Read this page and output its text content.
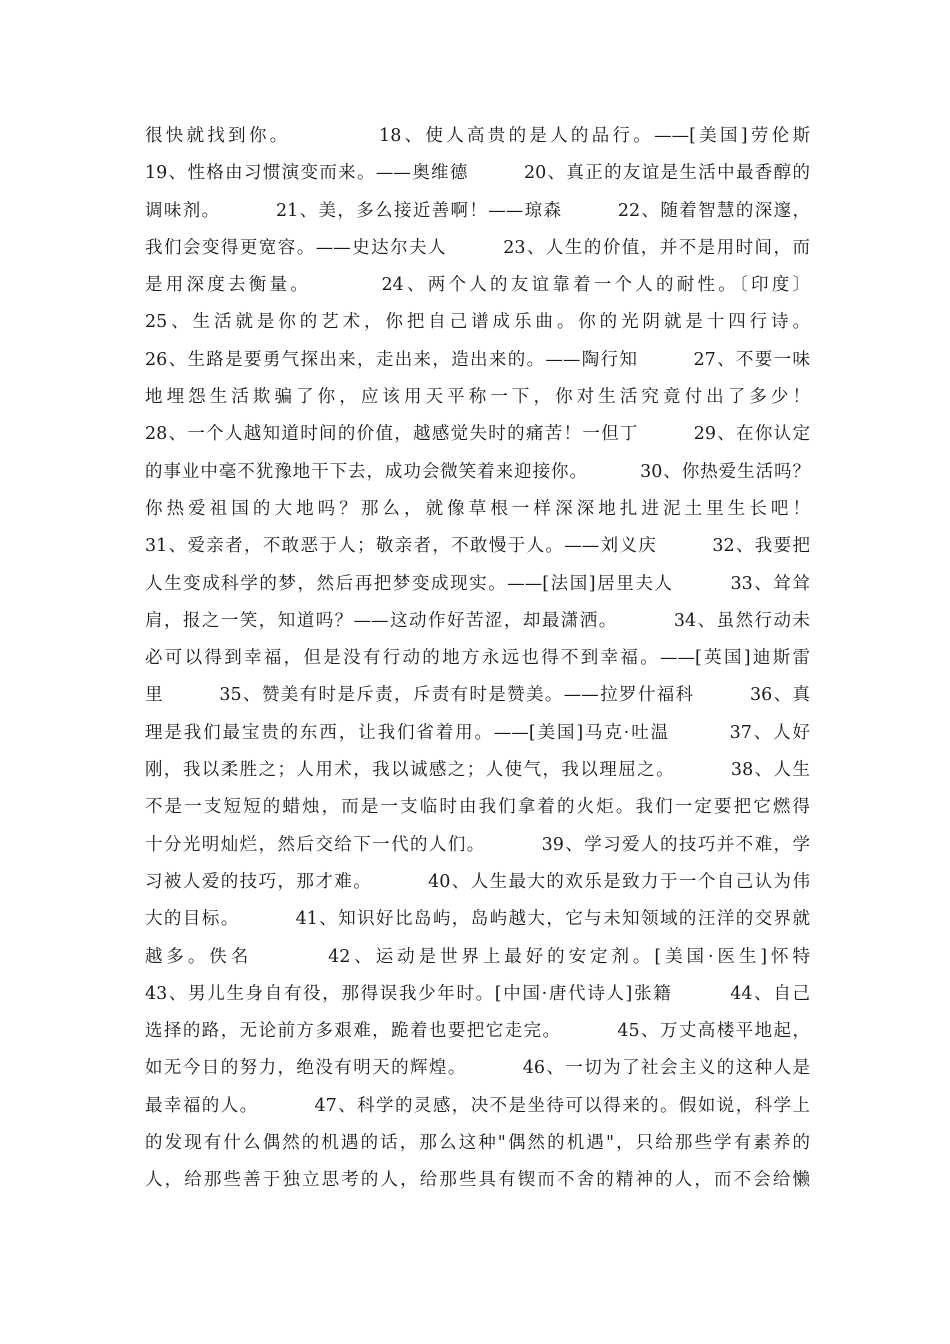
很快就找到你。          18、使人高贵的是人的品行。——[美国]劳伦斯
19、性格由习惯演变而来。——奥维德        20、真正的友谊是生活中最香醇的
调味剂。        21、美，多么接近善啊！——琼森        22、随着智慧的深邃，
我们会变得更宽容。——史达尔夫人        23、人生的价值，并不是用时间，而
是用深度去衡量。        24、两个人的友谊靠着一个人的耐性。〔印度〕
25、生活就是你的艺术，你把自己谱成乐曲。你的光阴就是十四行诗。
26、生路是要勇气探出来，走出来，造出来的。——陶行知        27、不要一味
地埋怨生活欺骗了你，应该用天平称一下，你对生活究竟付出了多少！
28、一个人越知道时间的价值，越感觉失时的痛苦！一但丁        29、在你认定
的事业中毫不犹豫地干下去，成功会微笑着来迎接你。        30、你热爱生活吗？
你热爱祖国的大地吗？那么，就像草根一样深深地扎进泥土里生长吧！
31、爱亲者，不敢恶于人；敬亲者，不敢慢于人。——刘义庆        32、我要把
人生变成科学的梦，然后再把梦变成现实。——[法国]居里夫人        33、耸耸
肩，报之一笑，知道吗？——这动作好苦涩，却最潇洒。        34、虽然行动未
必可以得到幸福，但是没有行动的地方永远也得不到幸福。——[英国]迪斯雷
里        35、赞美有时是斥责，斥责有时是赞美。——拉罗什福科        36、真
理是我们最宝贵的东西，让我们省着用。——[美国]马克·吐温        37、人好
刚，我以柔胜之；人用术，我以诚感之；人使气，我以理屈之。        38、人生
不是一支短短的蜡烛，而是一支临时由我们拿着的火炬。我们一定要把它燃得
十分光明灿烂，然后交给下一代的人们。        39、学习爱人的技巧并不难，学
习被人爱的技巧，那才难。        40、人生最大的欢乐是致力于一个自己认为伟
大的目标。        41、知识好比岛屿，岛屿越大，它与未知领域的汪洋的交界就
越多。佚名        42、运动是世界上最好的安定剂。[美国·医生]怀特
43、男儿生身自有役，那得误我少年时。[中国·唐代诗人]张籍        44、自己
选择的路，无论前方多艰难，跪着也要把它走完。        45、万丈高楼平地起，
如无今日的努力，绝没有明天的辉煌。        46、一切为了社会主义的这种人是
最幸福的人。        47、科学的灵感，决不是坐待可以得来的。假如说，科学上
的发现有什么偶然的机遇的话，那么这种"偶然的机遇"，只给那些学有素养的
人，给那些善于独立思考的人，给那些具有锲而不舍的精神的人，而不会给懒
